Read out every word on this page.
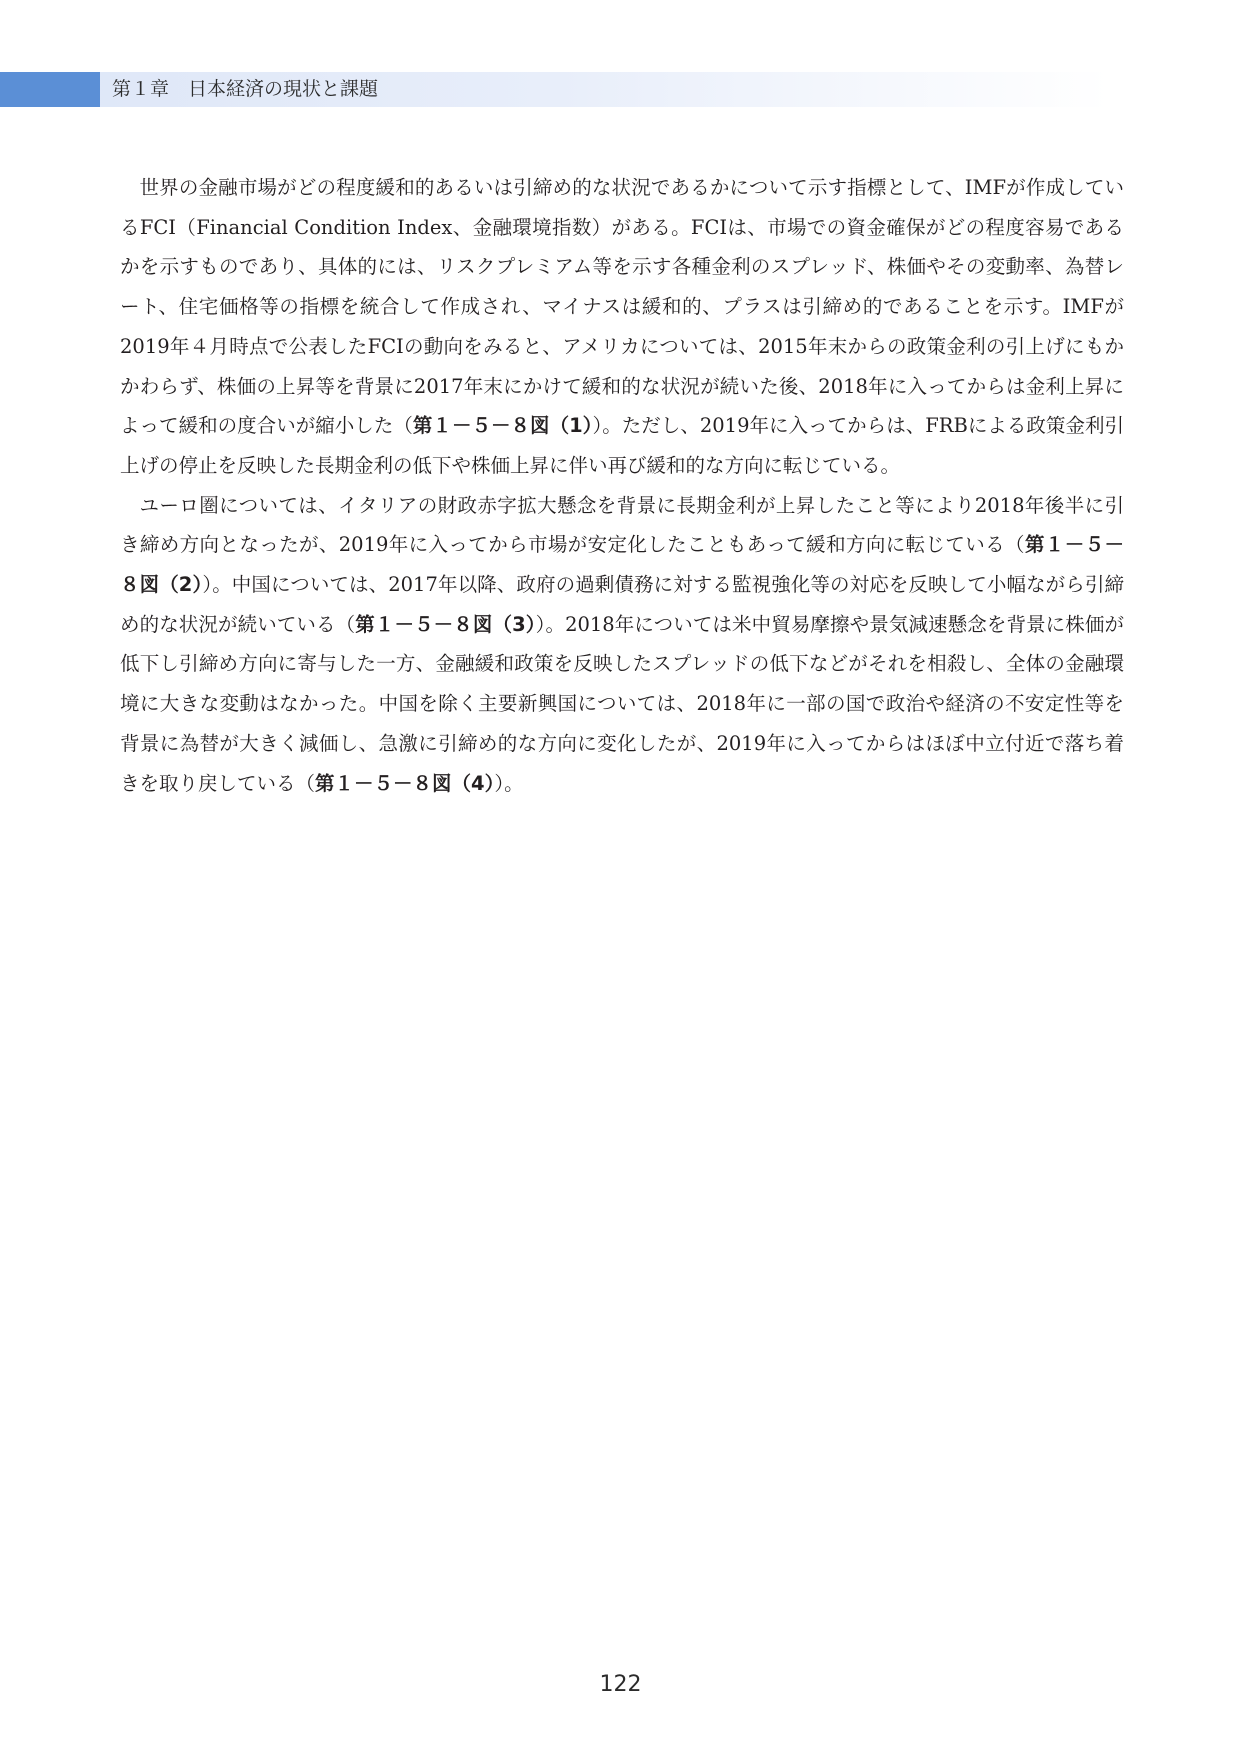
第１章　 日本経済の現状と課題

世界の金融市場がどの程度緩和的あるいは引締め的な状況であるかについて示す指標として、IMFが作成しているFCI（Financial Condition Index、金融環境指数）がある。FCIは、市場での資金確保がどの程度容易であるかを示すものであり、具体的には、リスクプレミアム等を示す各種金利のスプレッド、株価やその変動率、為替レート、住宅価格等の指標を統合して作成され、マイナスは緩和的、プラスは引締め的であることを示す。IMFが2019年４月時点で公表したFCIの動向をみると、アメリカについては、2015年末からの政策金利の引上げにもかかわらず、株価の上昇等を背景に2017年末にかけて緩和的な状況が続いた後、2018年に入ってからは金利上昇によって緩和の度合いが縮小した（第１－５－８図（1））。ただし、2019年に入ってからは、FRBによる政策金利引上げの停止を反映した長期金利の低下や株価上昇に伴い再び緩和的な方向に転じている。

ユーロ圏については、イタリアの財政赤字拡大懸念を背景に長期金利が上昇したこと等により2018年後半に引き締め方向となったが、2019年に入ってから市場が安定化したこともあって緩和方向に転じている（第１－５－８図（2））。中国については、2017年以降、政府の過剰債務に対する監視強化等の対応を反映して小幅ながら引締め的な状況が続いている（第１－５－８図（3））。2018年については米中貿易摩擦や景気減速懸念を背景に株価が低下し引締め方向に寄与した一方、金融緩和政策を反映したスプレッドの低下などがそれを相殺し、全体の金融環境に大きな変動はなかった。中国を除く主要新興国については、2018年に一部の国で政治や経済の不安定性等を背景に為替が大きく減価し、急激に引締め的な方向に変化したが、2019年に入ってからはほぼ中立付近で落ち着きを取り戻している（第１－５－８図（4））。

122
